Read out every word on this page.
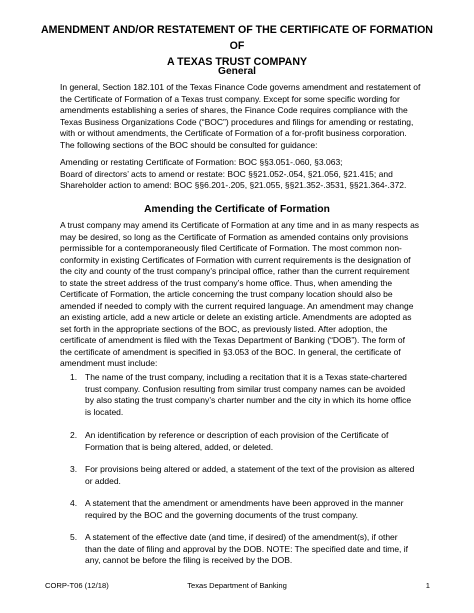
AMENDMENT AND/OR RESTATEMENT OF THE CERTIFICATE OF FORMATION OF
A TEXAS TRUST COMPANY
General
In general, Section 182.101 of the Texas Finance Code governs amendment and restatement of
the Certificate of Formation of a Texas trust company. Except for some specific wording for
amendments establishing a series of shares, the Finance Code requires compliance with the
Texas Business Organizations Code (“BOC”) procedures and filings for amending or restating,
with or without amendments, the Certificate of Formation of a for-profit business corporation.
The following sections of the BOC should be consulted for guidance:
Amending or restating Certificate of Formation: BOC §§3.051-.060, §3.063;
Board of directors’ acts to amend or restate: BOC §§21.052-.054, §21.056, §21.415; and
Shareholder action to amend: BOC §§6.201-.205, §21.055, §§21.352-.3531, §§21.364-.372.
Amending the Certificate of Formation
A trust company may amend its Certificate of Formation at any time and in as many respects as
may be desired, so long as the Certificate of Formation as amended contains only provisions
permissible for a contemporaneously filed Certificate of Formation. The most common non-
conformity in existing Certificates of Formation with current requirements is the designation of
the city and county of the trust company’s principal office, rather than the current requirement
to state the street address of the trust company’s home office. Thus, when amending the
Certificate of Formation, the article concerning the trust company location should also be
amended if needed to comply with the current required language. An amendment may change
an existing article, add a new article or delete an existing article. Amendments are adopted as
set forth in the appropriate sections of the BOC, as previously listed. After adoption, the
certificate of amendment is filed with the Texas Department of Banking (“DOB”). The form of
the certificate of amendment is specified in §3.053 of the BOC. In general, the certificate of
amendment must include:
1. The name of the trust company, including a recitation that it is a Texas state-chartered
trust company. Confusion resulting from similar trust company names can be avoided
by also stating the trust company’s charter number and the city in which its home office
is located.
2. An identification by reference or description of each provision of the Certificate of
Formation that is being altered, added, or deleted.
3. For provisions being altered or added, a statement of the text of the provision as altered
or added.
4. A statement that the amendment or amendments have been approved in the manner
required by the BOC and the governing documents of the trust company.
5. A statement of the effective date (and time, if desired) of the amendment(s), if other
than the date of filing and approval by the DOB. NOTE: The specified date and time, if
any, cannot be before the filing is received by the DOB.
CORP-T06 (12/18)	Texas Department of Banking	1
